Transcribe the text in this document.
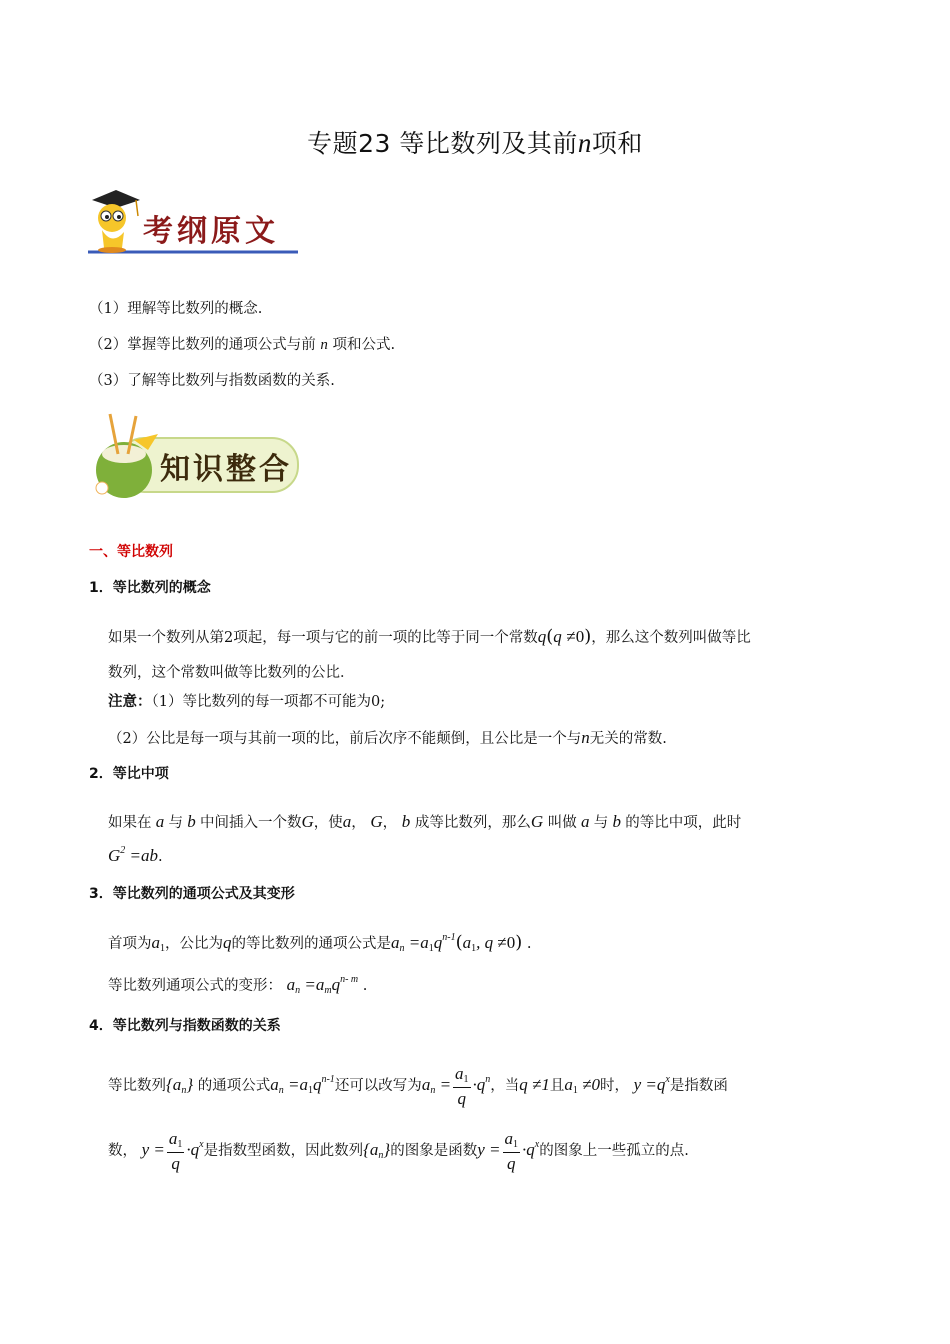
专题23 等比数列及其前n项和
考纲原文
（1）理解等比数列的概念.
（2）掌握等比数列的通项公式与前 n 项和公式.
（3）了解等比数列与指数函数的关系.
知识整合
一、等比数列
1．等比数列的概念
如果一个数列从第2项起，每一项与它的前一项的比等于同一个常数q(q ≠0)，那么这个数列叫做等比
数列，这个常数叫做等比数列的公比．
注意：（1）等比数列的每一项都不可能为0;
（2）公比是每一项与其前一项的比，前后次序不能颠倒，且公比是一个与n无关的常数.
2．等比中项
如果在 a 与 b 中间插入一个数G，使a， G， b 成等比数列，那么G 叫做 a 与 b 的等比中项，此时
$G^2 =ab$.
3．等比数列的通项公式及其变形
首项为$a_1$，公比为q的等比数列的通项公式是an $=a_1q^{n-1}(a_1$, q ≠0) .
等比数列通项公式的变形： an =amq$^{n- m}$ .
4．等比数列与指数函数的关系
等比数列{an} 的通项公式an $=a_1q^{n-1}$还可以改写为an = $\frac{a_1}{q} \cdot q^n$，当q ≠1且$a_1 \ne 0$时， $y =q^x$是指数函
数， $y = \frac{a_1}{q} \cdot q^x$是指数型函数，因此数列{an}的图象是函数$y = \frac{a_1}{q} \cdot q^x$的图象上一些孤立的点.
